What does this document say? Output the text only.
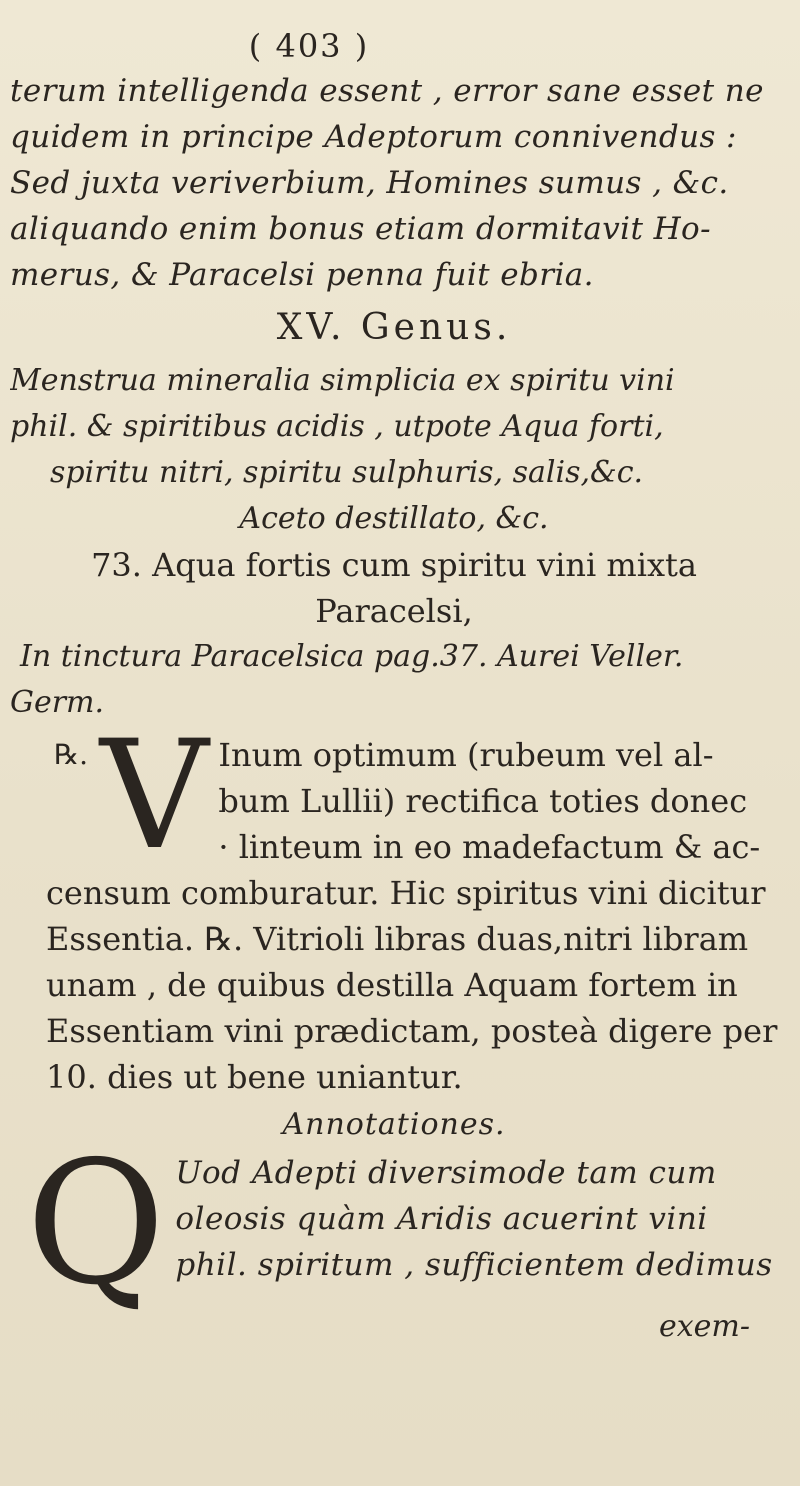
( 403 )
terum intelligenda essent , error sane esset ne
quidem in principe Adeptorum connivendus :
Sed juxta veriverbium, Homines sumus , &c.
aliquando enim bonus etiam dormitavit Ho-
merus, & Paracelsi penna fuit ebria.
XV. Genus.
Menstrua mineralia simplicia ex spiritu vini
phil. & spiritibus acidis , utpote Aqua forti,
spiritu nitri, spiritu sulphuris, salis,&c.
Aceto destillato, &c.
73. Aqua fortis cum spiritu vini mixta
Paracelsi,
In tinctura Paracelsica pag.37. Aurei Veller.
Germ.
℞. V Inum optimum (rubeum vel al-
bum Lullii) rectifica toties donec
· linteum in eo madefactum & ac-
censum comburatur. Hic spiritus vini dicitur
Essentia. ℞. Vitrioli libras duas,nitri libram
unam , de quibus destilla Aquam fortem in
Essentiam vini prædictam, posteà digere per
10. dies ut bene uniantur.
Annotationes.
Q Uod Adepti diversimode tam cum
oleosis quàm Aridis acuerint vini
phil. spiritum , sufficientem dedimus
exem-
